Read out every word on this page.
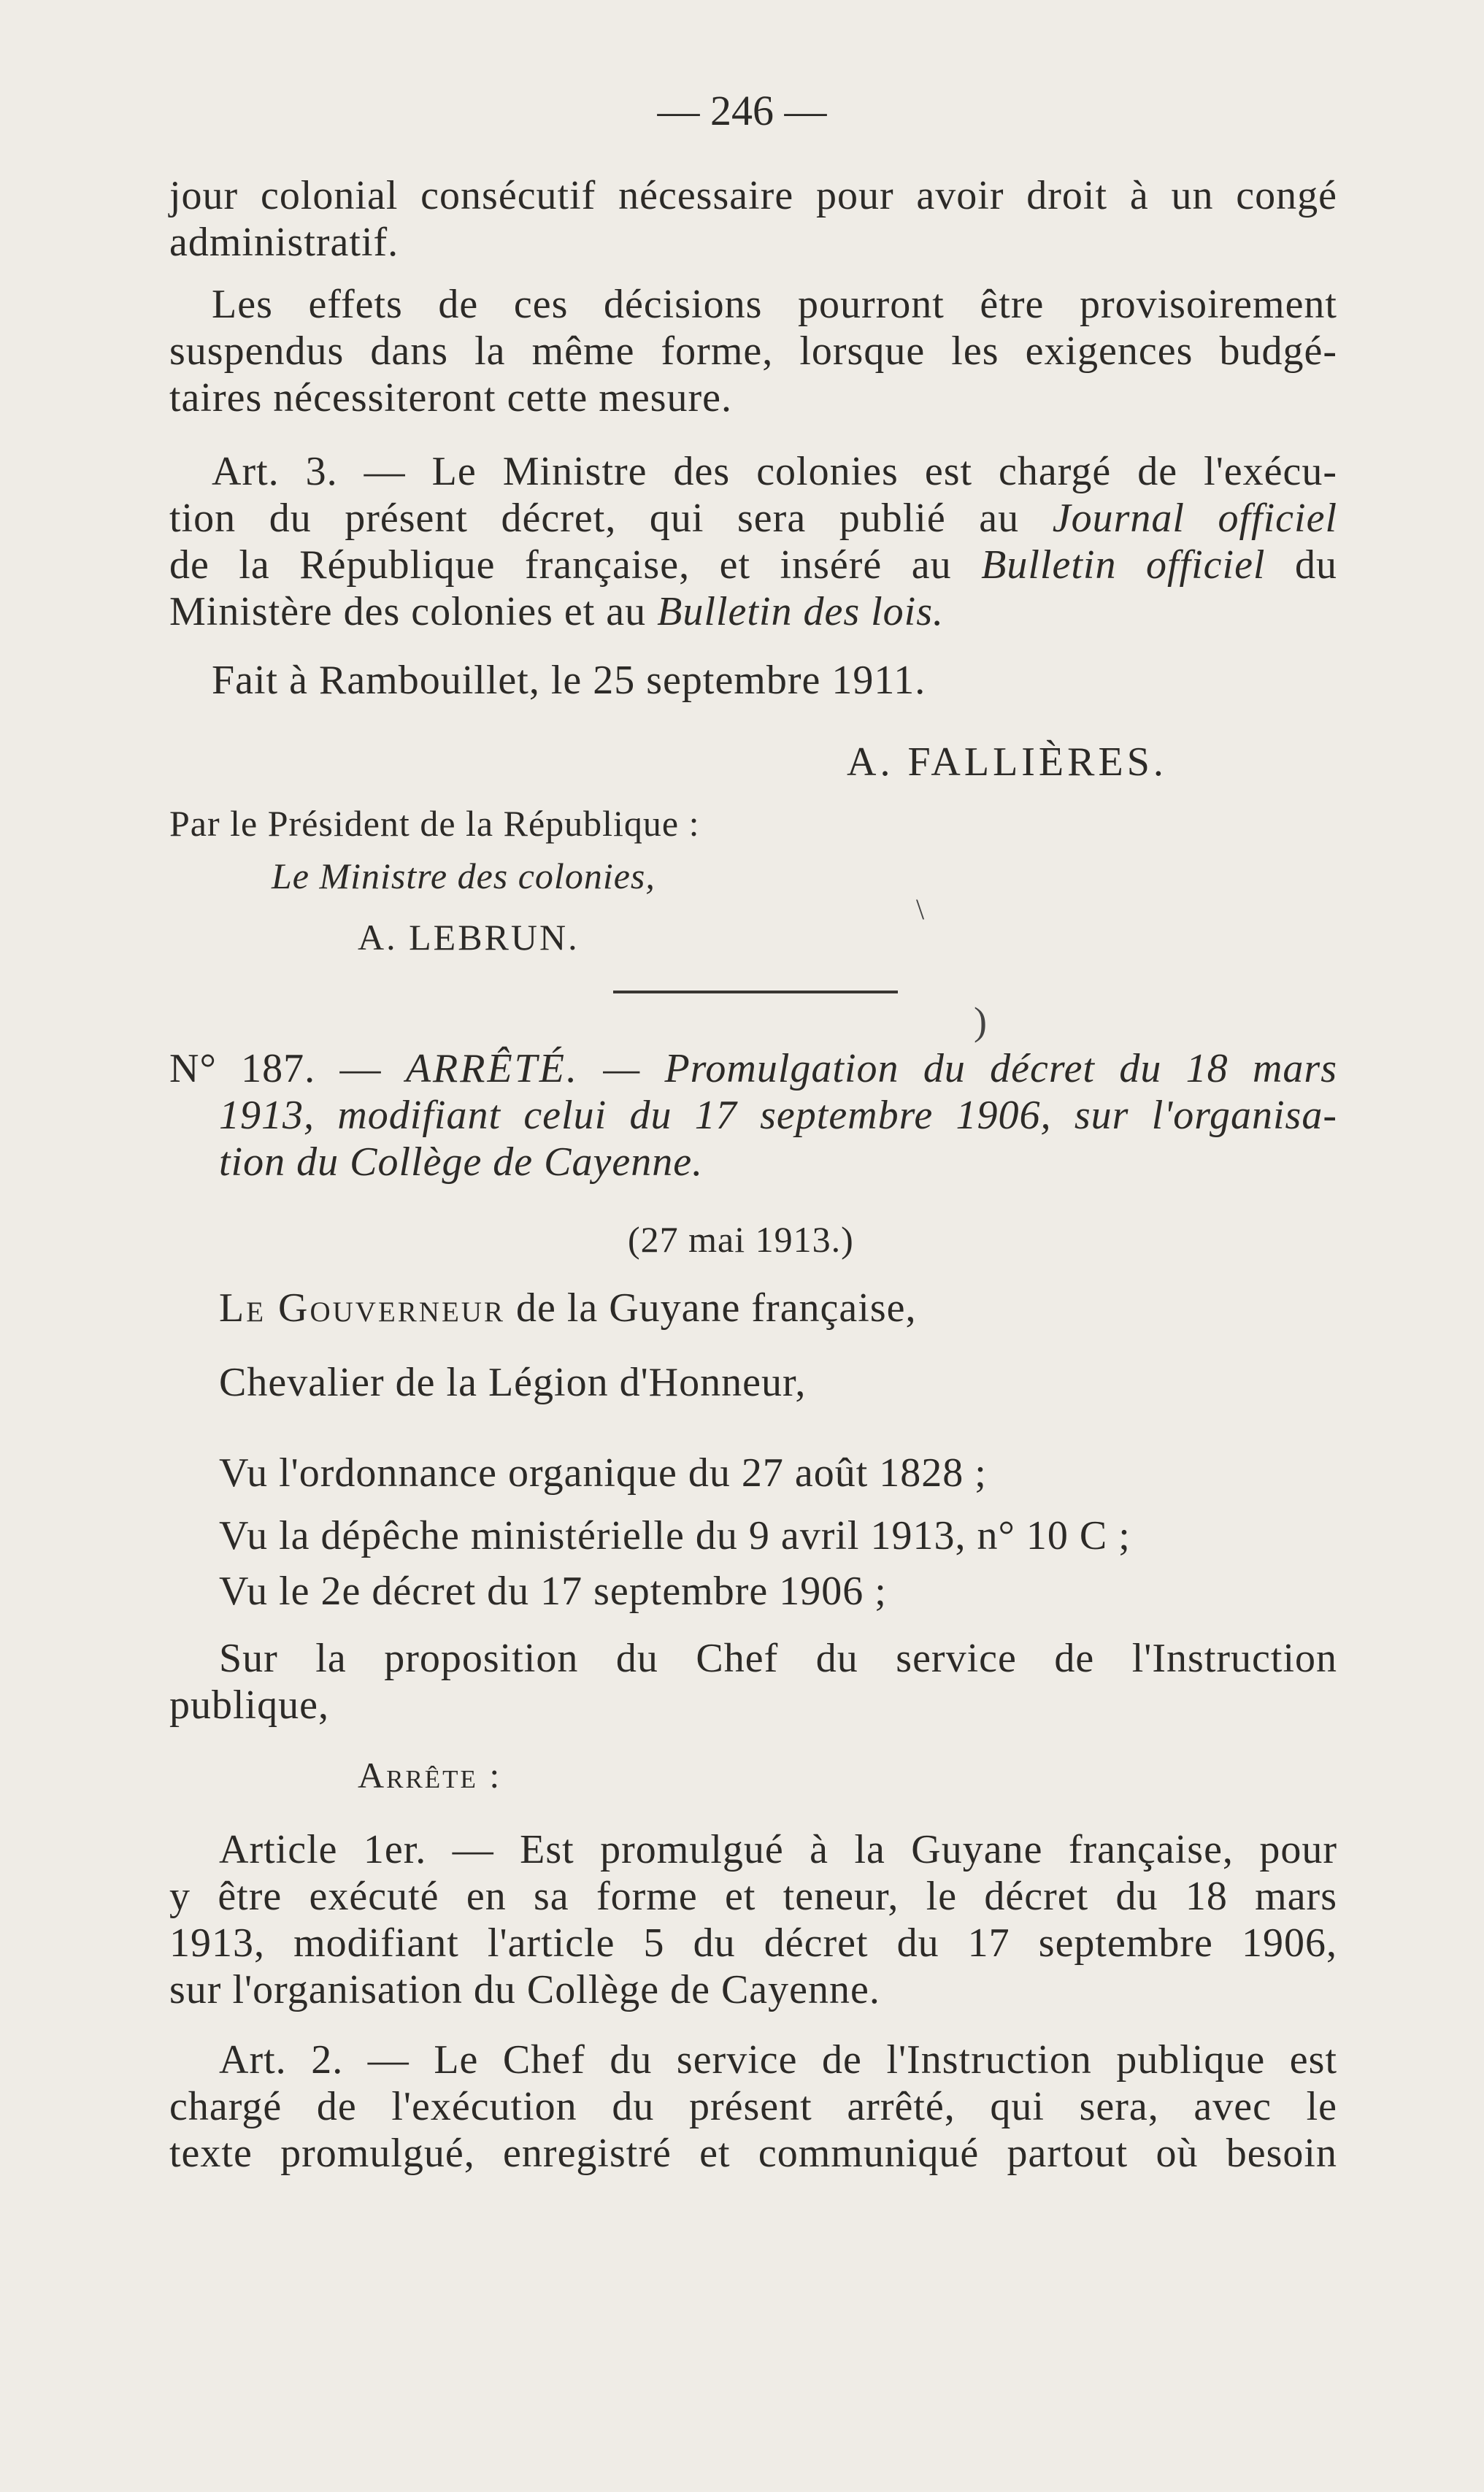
— 246 —
jour colonial consécutif nécessaire pour avoir droit à un congé
administratif.
Les effets de ces décisions pourront être provisoirement
suspendus dans la même forme, lorsque les exigences budgé-
taires nécessiteront cette mesure.
Art. 3. — Le Ministre des colonies est chargé de l'exécu-
tion du présent décret, qui sera publié au Journal officiel
de la République française, et inséré au Bulletin officiel du
Ministère des colonies et au Bulletin des lois.
Fait à Rambouillet, le 25 septembre 1911.
A. FALLIÈRES.
Par le Président de la République :
Le Ministre des colonies,
A. LEBRUN.
\
)
N° 187. — ARRÊTÉ. — Promulgation du décret du 18 mars
1913, modifiant celui du 17 septembre 1906, sur l'organisa-
tion du Collège de Cayenne.
(27 mai 1913.)
Le Gouverneur de la Guyane française,
Chevalier de la Légion d'Honneur,
Vu l'ordonnance organique du 27 août 1828 ;
Vu la dépêche ministérielle du 9 avril 1913, n° 10 C ;
Vu le 2e décret du 17 septembre 1906 ;
Sur la proposition du Chef du service de l'Instruction
publique,
Arrête :
Article 1er. — Est promulgué à la Guyane française, pour
y être exécuté en sa forme et teneur, le décret du 18 mars
1913, modifiant l'article 5 du décret du 17 septembre 1906,
sur l'organisation du Collège de Cayenne.
Art. 2. — Le Chef du service de l'Instruction publique est
chargé de l'exécution du présent arrêté, qui sera, avec le
texte promulgué, enregistré et communiqué partout où besoin
